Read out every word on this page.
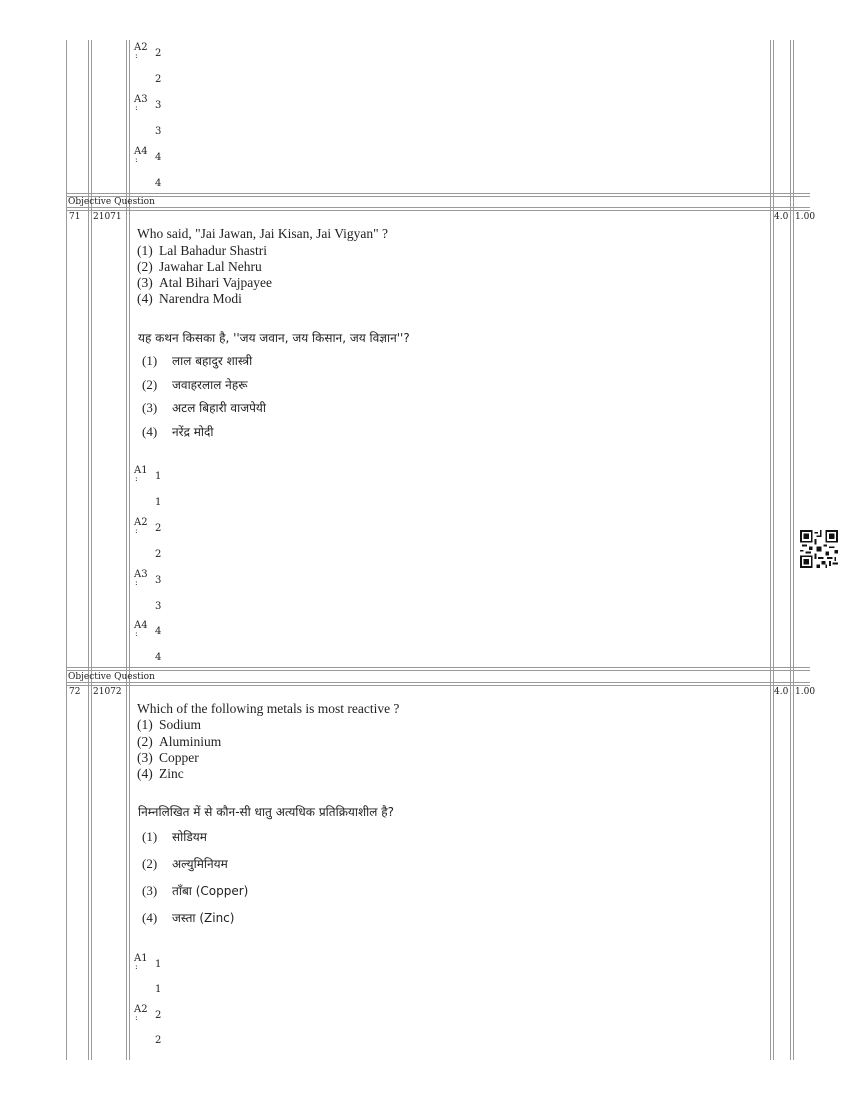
A2
:	2
2
A3
:	3
3
A4
:	4
4
Objective Question
71 21071	4.0 1.00
Who said, "Jai Jawan, Jai Kisan, Jai Vigyan" ?
(1) Lal Bahadur Shastri
(2) Jawahar Lal Nehru
(3) Atal Bihari Vajpayee
(4) Narendra Modi
यह कथन किसका है, ''जय जवान, जय किसान, जय विज्ञान''?
(1) लाल बहादुर शास्त्री
(2) जवाहरलाल नेहरू
(3) अटल बिहारी वाजपेयी
(4) नरेंद्र मोदी
A1
:	1
1
A2
:	2
2
A3
:	3
3
A4
:	4
4
Objective Question
72 21072	4.0 1.00
Which of the following metals is most reactive ?
(1) Sodium
(2) Aluminium
(3) Copper
(4) Zinc
निम्नलिखित में से कौन-सी धातु अत्यधिक प्रतिक्रियाशील है?
(1) सोडियम
(2) अल्युमिनियम
(3) ताँबा (Copper)
(4) जस्ता (Zinc)
A1
:	1
1
A2
:	2
2
